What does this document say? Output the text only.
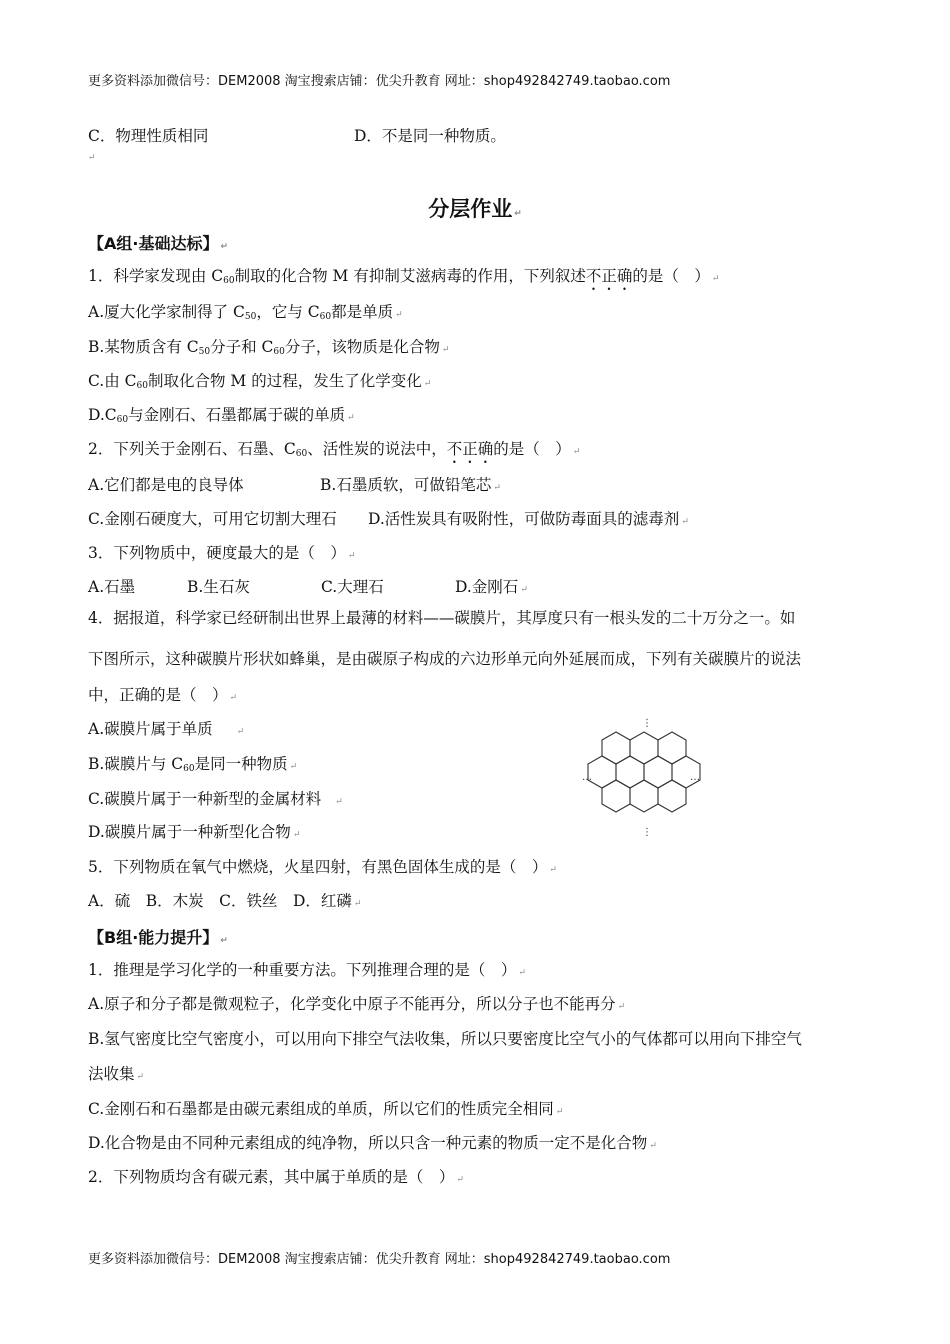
更多资料添加微信号：DEM2008 淘宝搜索店铺：优尖升教育 网址：shop492842749.taobao.com
C．物理性质相同	D．不是同一种物质。
↵
分层作业 ↵
【A组·基础达标】 ↵
1．科学家发现由 $C_{60}$制取的化合物 M 有抑制艾滋病毒的作用，下列叙述不正确的是（　） ↵
A.厦大化学家制得了 $C_{50}$，它与 $C_{60}$都是单质 ↵
B.某物质含有 $C_{50}$分子和 $C_{60}$分子，该物质是化合物 ↵
C.由 $C_{60}$制取化合物 M 的过程，发生了化学变化 ↵
$D.C_{60}$与金刚石、石墨都属于碳的单质 ↵
2．下列关于金刚石、石墨、$C_{60}$、活性炭的说法中，不正确的是（　） ↵
A.它们都是电的良导体	B.石墨质软，可做铅笔芯 ↵
C.金刚石硬度大，可用它切割大理石 D.活性炭具有吸附性，可做防毒面具的滤毒剂 ↵
3．下列物质中，硬度最大的是（　） ↵
A.石墨	B.生石灰	C.大理石	D.金刚石 ↵
4．据报道，科学家已经研制出世界上最薄的材料——碳膜片，其厚度只有一根头发的二十万分之一。如
下图所示，这种碳膜片形状如蜂巢，是由碳原子构成的六边形单元向外延展而成，下列有关碳膜片的说法
中，正确的是（　） ↵
A.碳膜片属于单质	↵
B.碳膜片与 $C_{60}$是同一种物质 ↵
C.碳膜片属于一种新型的金属材料 ↵
D.碳膜片属于一种新型化合物 ↵
⋮
⋮
…	…
5．下列物质在氧气中燃烧，火星四射，有黑色固体生成的是（　） ↵
A．硫　B．木炭　C．铁丝　D．红磷 ↵
【B组·能力提升】 ↵
1．推理是学习化学的一种重要方法。下列推理合理的是（　） ↵
A.原子和分子都是微观粒子，化学变化中原子不能再分，所以分子也不能再分 ↵
B.氢气密度比空气密度小，可以用向下排空气法收集，所以只要密度比空气小的气体都可以用向下排空气
法收集 ↵
C.金刚石和石墨都是由碳元素组成的单质，所以它们的性质完全相同 ↵
D.化合物是由不同种元素组成的纯净物，所以只含一种元素的物质一定不是化合物 ↵
2．下列物质均含有碳元素，其中属于单质的是（　） ↵
更多资料添加微信号：DEM2008 淘宝搜索店铺：优尖升教育 网址：shop492842749.taobao.com
